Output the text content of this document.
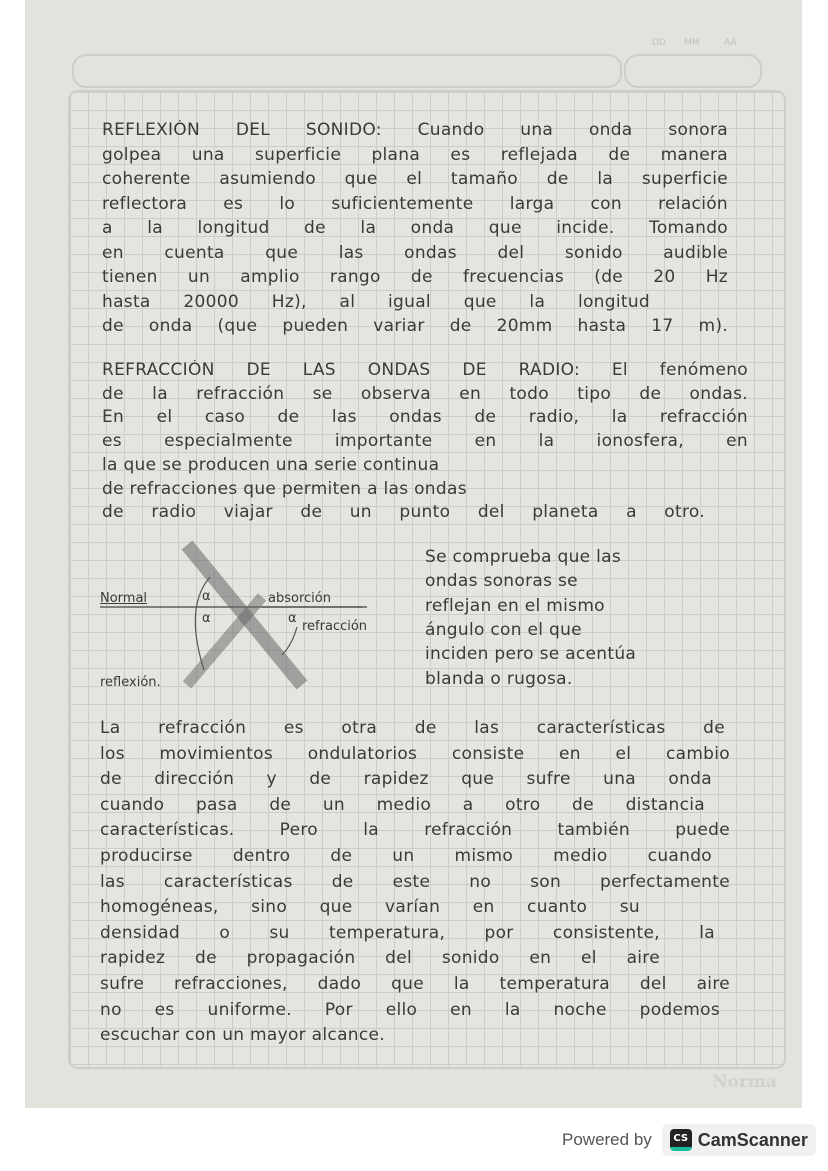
DD MM	AA
REFLEXIÓN DEL SONIDO: Cuando una onda sonora
golpea una superficie plana es reflejada de manera
coherente asumiendo que el tamaño de la superficie
reflectora es lo suficientemente larga con relación
a la longitud de la onda que incide. Tomando
en cuenta que las ondas del sonido audible
tienen un amplio rango de frecuencias (de 20 Hz
hasta 20000 Hz), al igual que la longitud
de onda (que pueden variar de 20mm hasta 17 m).
REFRACCIÓN DE LAS ONDAS DE RADIO: El fenómeno
de la refracción se observa en todo tipo de ondas.
En el caso de las ondas de radio, la refracción
es especialmente importante en la ionosfera, en
la que se producen una serie continua
de refracciones que permiten a las ondas
de radio viajar de un punto del planeta a otro.
Se comprueba que las
ondas sonoras se
reflejan en el mismo
ángulo con el que
inciden pero se acentúa
blanda o rugosa.
La refracción es otra de las características de
los movimientos ondulatorios consiste en el cambio
de dirección y de rapidez que sufre una onda
cuando pasa de un medio a otro de distancia
características. Pero la refracción también puede
producirse dentro de un mismo medio cuando
las características de este no son perfectamente
homogéneas, sino que varían en cuanto su
densidad o su temperatura, por consistente, la
rapidez de propagación del sonido en el aire
sufre refracciones, dado que la temperatura del aire
no es uniforme. Por ello en la noche podemos
escuchar con un mayor alcance.
Normal	α
α	α
absorción
refracción
reflexión.
Norma
Powered by	CS CamScanner
